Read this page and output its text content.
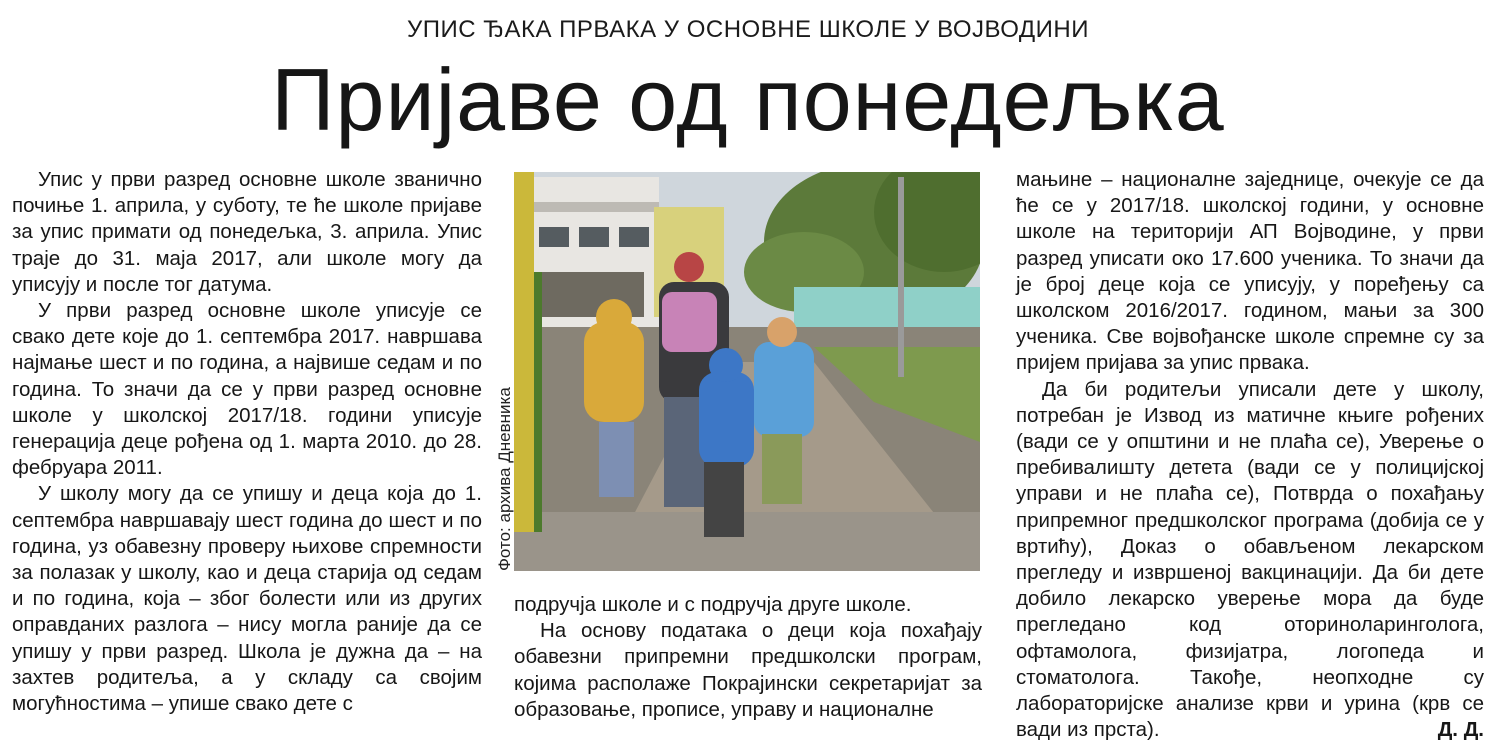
УПИС ЂАКА ПРВАКА У ОСНОВНЕ ШКОЛЕ У ВОЈВОДИНИ
Пријаве од понедељка

Упис у први разред основне школе званично почиње 1. априла, у суботу, те ће школе пријаве за упис примати од понедељка, 3. априла. Упис траје до 31. маја 2017, али школе могу да уписују и после тог датума.

У први разред основне школе уписује се свако дете које до 1. септембра 2017. навршава најмање шест и по година, а највише седам и по година. То значи да се у први разред основне школе у школској 2017/18. години уписује генерација деце рођена од 1. марта 2010. до 28. фебруара 2011.

У школу могу да се упишу и деца која до 1. септембра навршавају шест година до шест и по година, уз обавезну проверу њихове спремности за полазак у школу, као и деца старија од седам и по година, која – због болести или из других оправданих разлога – нису могла раније да се упишу у први разред. Школа је дужна да – на захтев родитеља, а у складу са својим могућностима – упише свако дете с

Фото: архива Дневника

подручја школе и с подручја друге школе.

На основу података о деци која похађају обавезни припремни предшколски програм, којима располаже Покрајински секретаријат за образовање, прописе, управу и националне

мањине – националне заједнице, очекује се да ће се у 2017/18. школској години, у основне школе на територији АП Војводине, у први разред уписати око 17.600 ученика. То значи да је број деце која се уписују, у поређењу са школском 2016/2017. годином, мањи за 300 ученика. Све војвођанске школе спремне су за пријем пријава за упис првака.

Да би родитељи уписали дете у школу, потребан је Извод из матичне књиге рођених (вади се у општини и не плаћа се), Уверење о пребивалишту детета (вади се у полицијској управи и не плаћа се), Потврда о похађању припремног предшколског програма (добија се у вртићу), Доказ о обављеном лекарском прегледу и извршеној вакцинацији. Да би дете добило лекарско уверење мора да буде прегледано код оториноларинголога, офтамолога, физијатра, логопеда и стоматолога. Такође, неопходне су лабораторијске анализе крви и урина (крв се вади из прста).	Д. Д.
